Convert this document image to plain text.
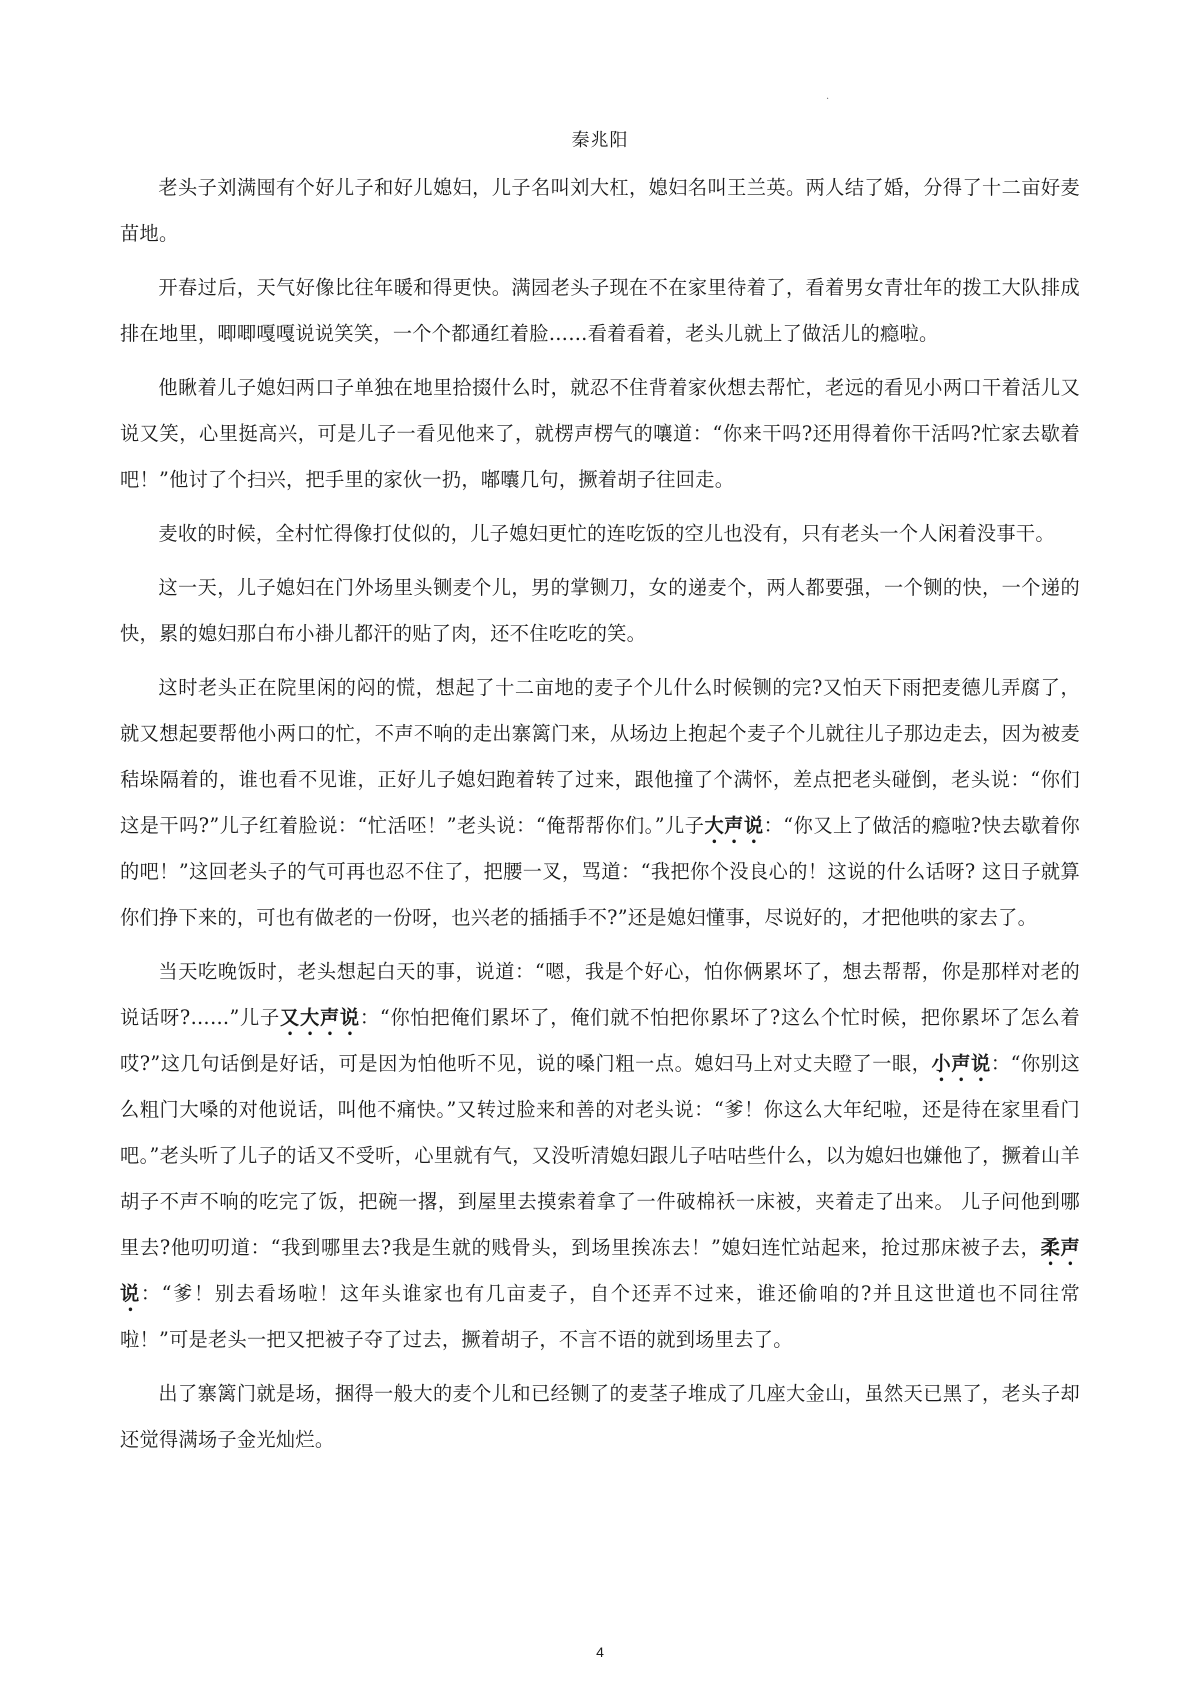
·
秦兆阳

老头子刘满囤有个好儿子和好儿媳妇，儿子名叫刘大杠，媳妇名叫王兰英。两人结了婚，分得了十二亩好麦苗地。

开春过后，天气好像比往年暖和得更快。满园老头子现在不在家里待着了，看着男女青壮年的拨工大队排成排在地里，唧唧嘎嘎说说笑笑，一个个都通红着脸……看着看着，老头儿就上了做活儿的瘾啦。

他瞅着儿子媳妇两口子单独在地里拾掇什么时，就忍不住背着家伙想去帮忙，老远的看见小两口干着活儿又说又笑，心里挺高兴，可是儿子一看见他来了，就楞声楞气的嚷道：“你来干吗?还用得着你干活吗?忙家去歇着吧！”他讨了个扫兴，把手里的家伙一扔，嘟囔几句，撅着胡子往回走。

麦收的时候，全村忙得像打仗似的，儿子媳妇更忙的连吃饭的空儿也没有，只有老头一个人闲着没事干。

这一天，儿子媳妇在门外场里头铡麦个儿，男的掌铡刀，女的递麦个，两人都要强，一个铡的快，一个递的快，累的媳妇那白布小褂儿都汗的贴了肉，还不住吃吃的笑。

这时老头正在院里闲的闷的慌，想起了十二亩地的麦子个儿什么时候铡的完?又怕天下雨把麦德儿弄腐了，就又想起要帮他小两口的忙，不声不响的走出寨篱门来，从场边上抱起个麦子个儿就往儿子那边走去，因为被麦秸垛隔着的，谁也看不见谁，正好儿子媳妇跑着转了过来，跟他撞了个满怀，差点把老头碰倒，老头说：“你们这是干吗?”儿子红着脸说：“忙活呸！”老头说：“俺帮帮你们。”儿子大声说：“你又上了做活的瘾啦?快去歇着你的吧！”这回老头子的气可再也忍不住了，把腰一叉，骂道：“我把你个没良心的！这说的什么话呀? 这日子就算你们挣下来的，可也有做老的一份呀，也兴老的插插手不?”还是媳妇懂事，尽说好的，才把他哄的家去了。

当天吃晚饭时，老头想起白天的事，说道：“嗯，我是个好心，怕你俩累坏了，想去帮帮，你是那样对老的说话呀?……”儿子又大声说：“你怕把俺们累坏了，俺们就不怕把你累坏了?这么个忙时候，把你累坏了怎么着哎?”这几句话倒是好话，可是因为怕他听不见，说的嗓门粗一点。媳妇马上对丈夫瞪了一眼，小声说：“你别这么粗门大嗓的对他说话，叫他不痛快。”又转过脸来和善的对老头说：“爹！你这么大年纪啦，还是待在家里看门吧。”老头听了儿子的话又不受听，心里就有气，又没听清媳妇跟儿子咕咕些什么，以为媳妇也嫌他了，撅着山羊胡子不声不响的吃完了饭，把碗一撂，到屋里去摸索着拿了一件破棉袄一床被，夹着走了出来。 儿子问他到哪里去?他叨叨道：“我到哪里去?我是生就的贱骨头，到场里挨冻去！”媳妇连忙站起来，抢过那床被子去，柔声说：“爹！别去看场啦！这年头谁家也有几亩麦子，自个还弄不过来，谁还偷咱的?并且这世道也不同往常啦！”可是老头一把又把被子夺了过去，撅着胡子，不言不语的就到场里去了。

出了寨篱门就是场，捆得一般大的麦个儿和已经铡了的麦茎子堆成了几座大金山，虽然天已黑了，老头子却还觉得满场子金光灿烂。

4
